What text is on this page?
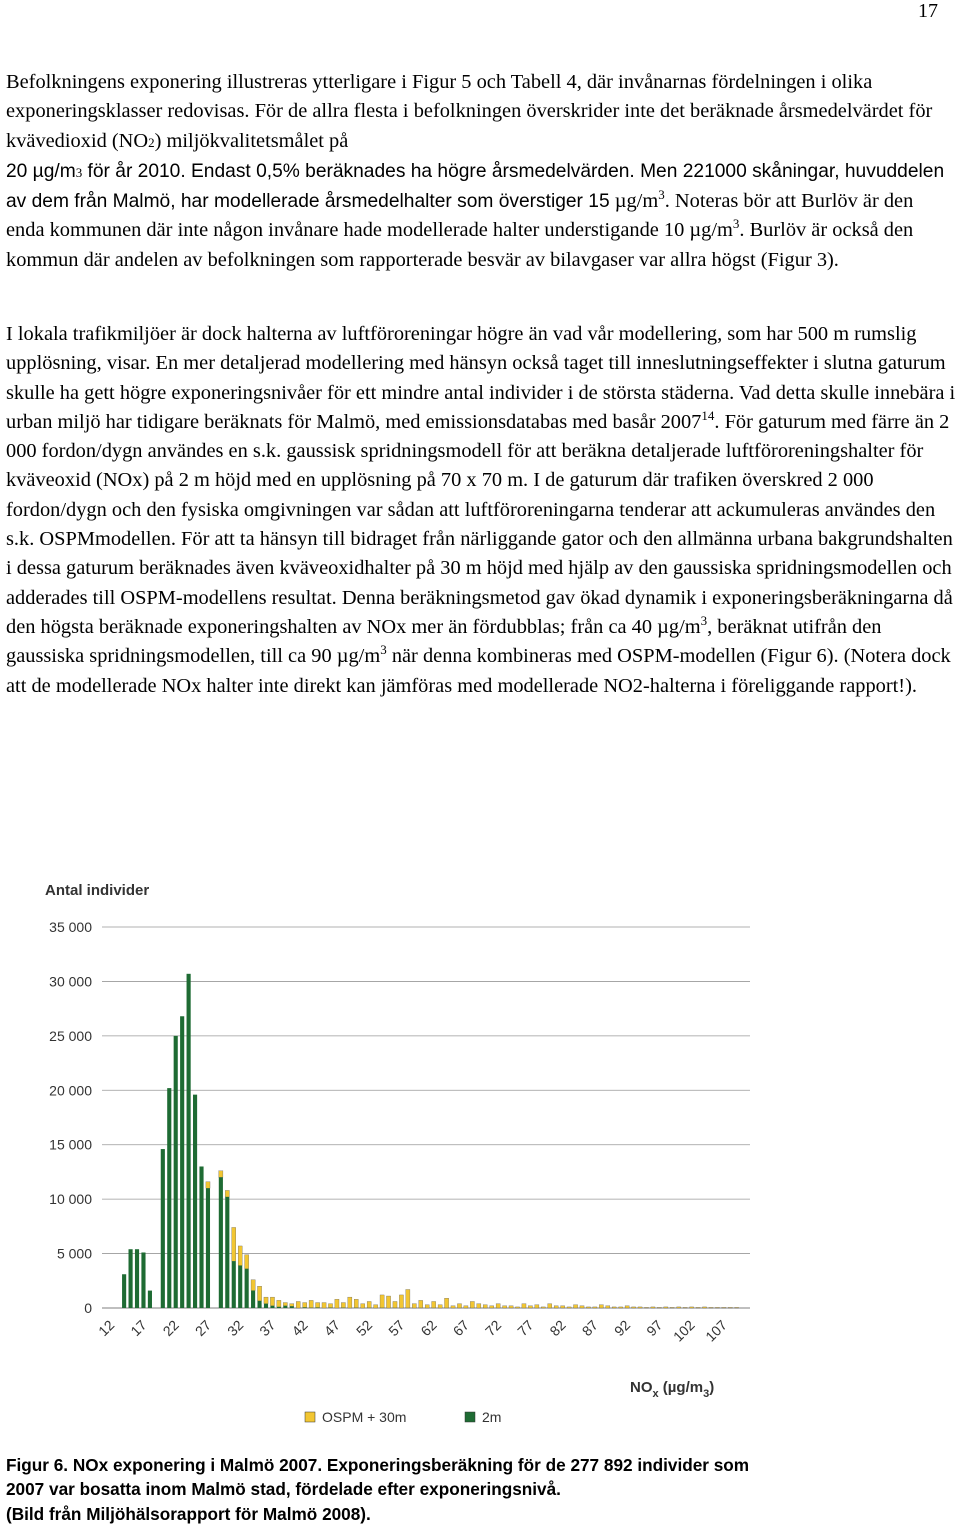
17

Befolkningens exponering illustreras ytterligare i Figur 5 och Tabell 4, där invånarnas fördelningen i olika exponeringsklasser redovisas. För de allra flesta i befolkningen överskrider inte det beräknade årsmedelvärdet för kvävedioxid (NO2) miljökvalitetsmålet på
20 µg/m3 för år 2010. Endast 0,5% beräknades ha högre årsmedelvärden. Men 221000 skåningar, huvuddelen av dem från Malmö, har modellerade årsmedelhalter som överstiger 15 $\mu g/m^3$. Noteras bör att Burlöv är den enda kommunen där inte någon invånare hade modellerade halter understigande 10 $\mu g/m^3$. Burlöv är också den kommun där andelen av befolkningen som rapporterade besvär av bilavgaser var allra högst (Figur 3).

I lokala trafikmiljöer är dock halterna av luftföroreningar högre än vad vår modellering, som har 500 m rumslig upplösning, visar. En mer detaljerad modellering med hänsyn också taget till inneslutningseffekter i slutna gaturum skulle ha gett högre exponeringsnivåer för ett mindre antal individer i de största städerna. Vad detta skulle innebära i urban miljö har tidigare beräknats för Malmö, med emissionsdatabas med basår 2007$^{14}$. För gaturum med färre än 2 000 fordon/dygn användes en s.k. gaussisk spridningsmodell för att beräkna detaljerade luftföroreningshalter för kväveoxid (NOx) på 2 m höjd med en upplösning på 70 x 70 m. I de gaturum där trafiken överskred 2 000 fordon/dygn och den fysiska omgivningen var sådan att luftföroreningarna tenderar att ackumuleras användes den s.k. OSPMmodellen. För att ta hänsyn till bidraget från närliggande gator och den allmänna urbana bakgrundshalten i dessa gaturum beräknades även kväveoxidhalter på 30 m höjd med hjälp av den gaussiska spridningsmodellen och adderades till OSPM-modellens resultat. Denna beräkningsmetod gav ökad dynamik i exponeringsberäkningarna då den högsta beräknade exponeringshalten av NOx mer än fördubblas; från ca 40 $\mu g/m^3$, beräknat utifrån den gaussiska spridningsmodellen, till ca 90 $\mu g/m^3$ när denna kombineras med OSPM-modellen (Figur 6). (Notera dock att de modellerade NOx halter inte direkt kan jämföras med modellerade NO2-halterna i föreliggande rapport!).

Antal individer
0
5 000
10 000
15 000
20 000
25 000
30 000
35 000
12 17 22 27 32 37 42 47 52 57 62 67 72 77 82 87 92 97 102 107
$NO_x$ $(\mu g/m_3)$
OSPM + 30m	2m
Figur 6. NOx exponering i Malmö 2007. Exponeringsberäkning för de 277 892 individer som
2007 var bosatta inom Malmö stad, fördelade efter exponeringsnivå.
(Bild från Miljöhälsorapport för Malmö 2008).
